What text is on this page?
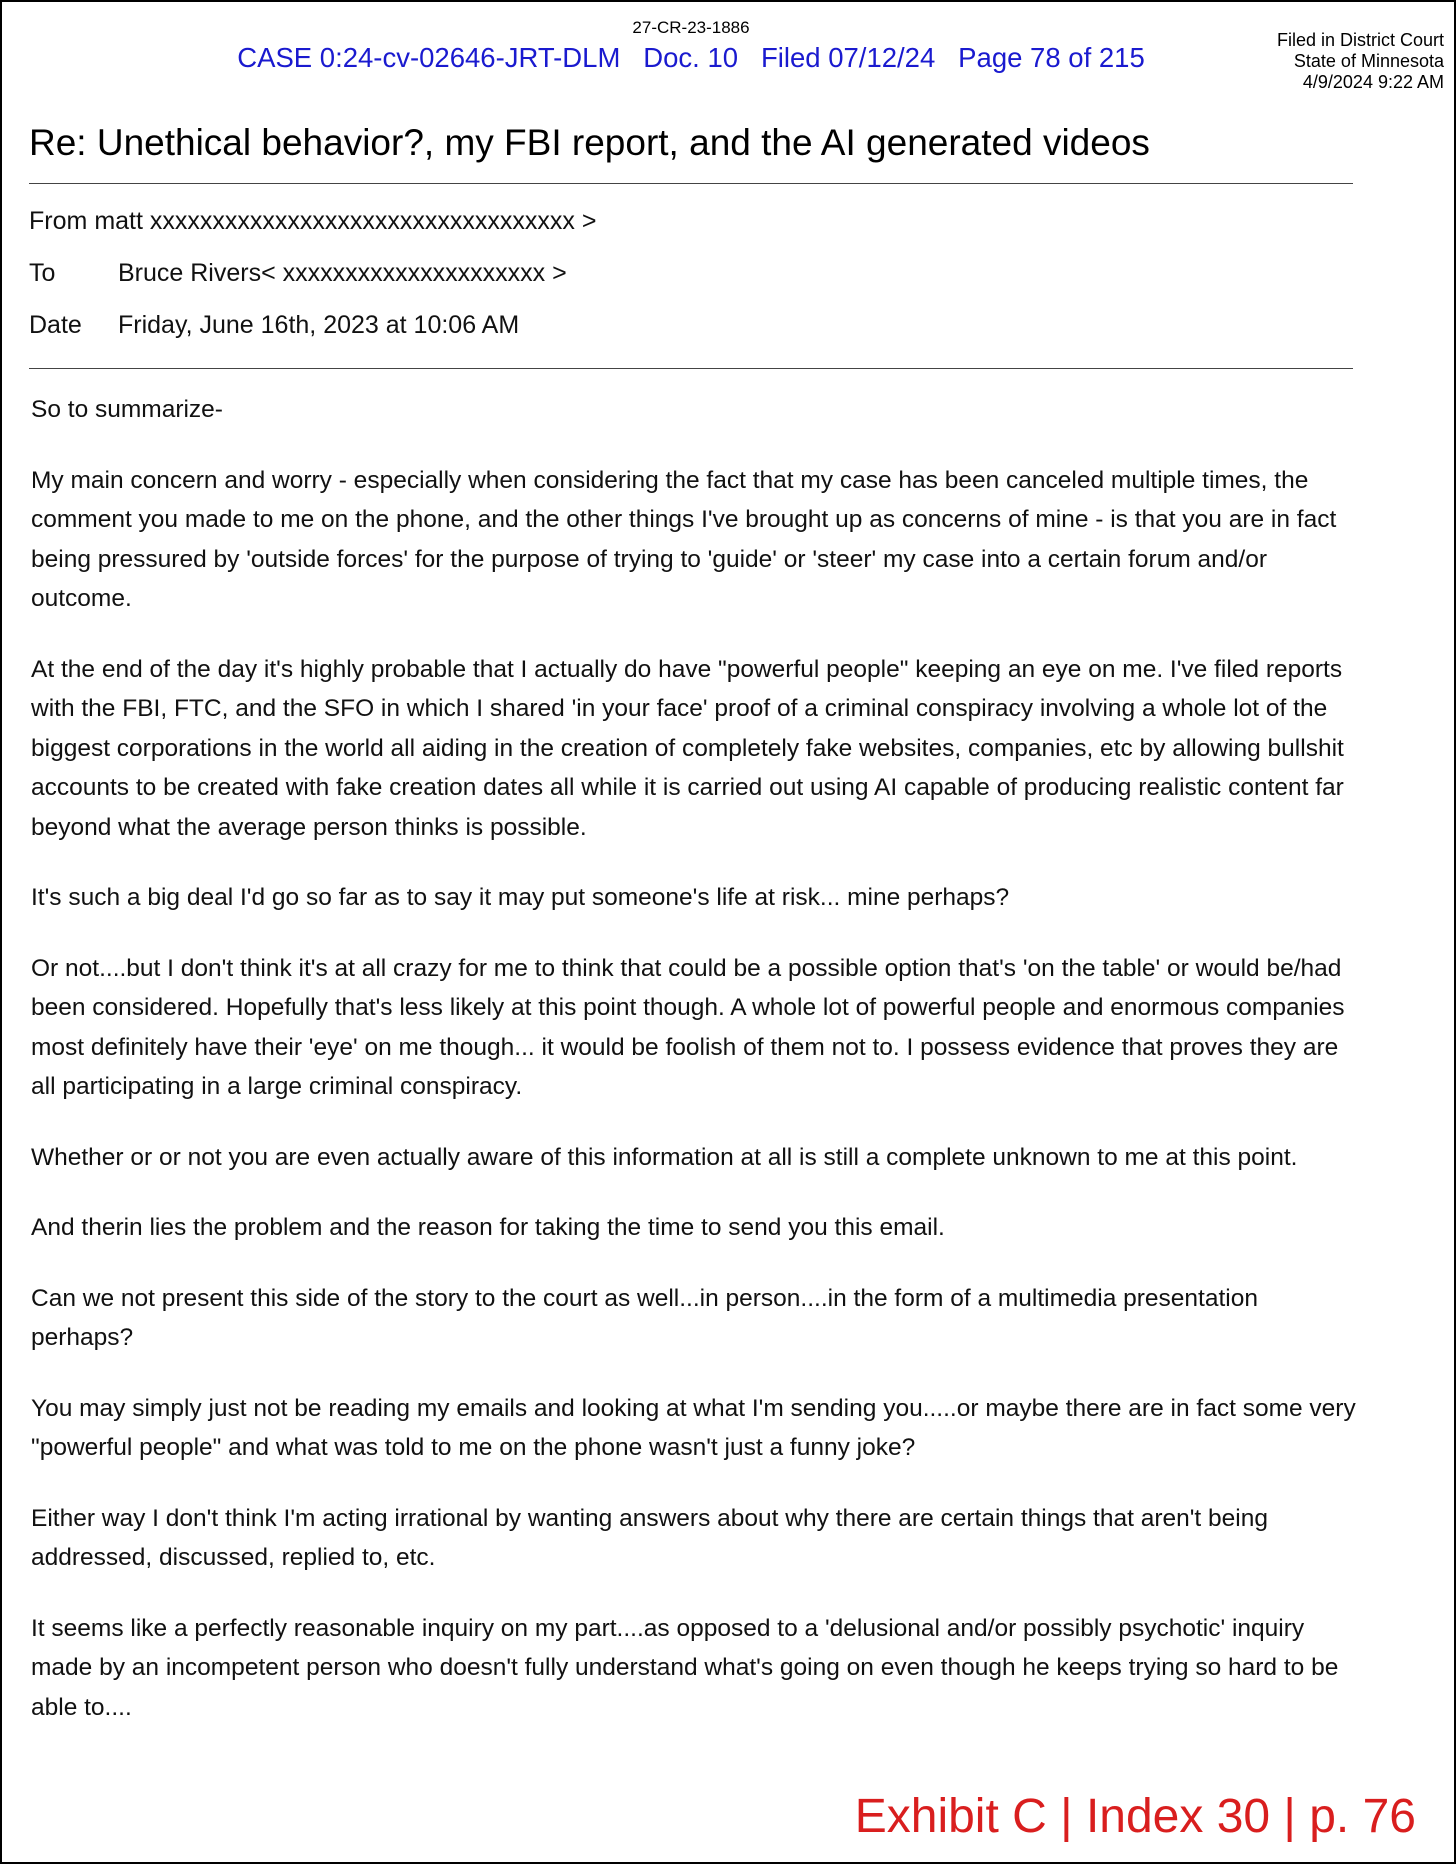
27-CR-23-1886
CASE 0:24-cv-02646-JRT-DLM   Doc. 10   Filed 07/12/24   Page 78 of 215
Filed in District Court
State of Minnesota
4/9/2024 9:22 AM
Re: Unethical behavior?, my FBI report, and the AI generated videos
From matt xxxxxxxxxxxxxxxxxxxxxxxxxxxxxxxxxx >
To	Bruce Rivers< xxxxxxxxxxxxxxxxxxxxx >
Date Friday, June 16th, 2023 at 10:06 AM

So to summarize-

My main concern and worry - especially when considering the fact that my case has been canceled multiple times, the comment you made to me on the phone, and the other things I've brought up as concerns of mine - is that you are in fact being pressured by 'outside forces' for the purpose of trying to 'guide' or 'steer' my case into a certain forum and/or outcome.

At the end of the day it's highly probable that I actually do have "powerful people" keeping an eye on me. I've filed reports with the FBI, FTC, and the SFO in which I shared 'in your face' proof of a criminal conspiracy involving a whole lot of the biggest corporations in the world all aiding in the creation of completely fake websites, companies, etc by allowing bullshit accounts to be created with fake creation dates all while it is carried out using AI capable of producing realistic content far beyond what the average person thinks is possible.

It's such a big deal I'd go so far as to say it may put someone's life at risk... mine perhaps?

Or not....but I don't think it's at all crazy for me to think that could be a possible option that's 'on the table' or would be/had been considered. Hopefully that's less likely at this point though. A whole lot of powerful people and enormous companies most definitely have their 'eye' on me though... it would be foolish of them not to. I possess evidence that proves they are all participating in a large criminal conspiracy.

Whether or or not you are even actually aware of this information at all is still a complete unknown to me at this point.

And therin lies the problem and the reason for taking the time to send you this email.

Can we not present this side of the story to the court as well...in person....in the form of a multimedia presentation perhaps?

You may simply just not be reading my emails and looking at what I'm sending you.....or maybe there are in fact some very "powerful people" and what was told to me on the phone wasn't just a funny joke?

Either way I don't think I'm acting irrational by wanting answers about why there are certain things that aren't being addressed, discussed, replied to, etc.

It seems like a perfectly reasonable inquiry on my part....as opposed to a 'delusional and/or possibly psychotic' inquiry made by an incompetent person who doesn't fully understand what's going on even though he keeps trying so hard to be able to....

Exhibit C | Index 30 | p. 76
